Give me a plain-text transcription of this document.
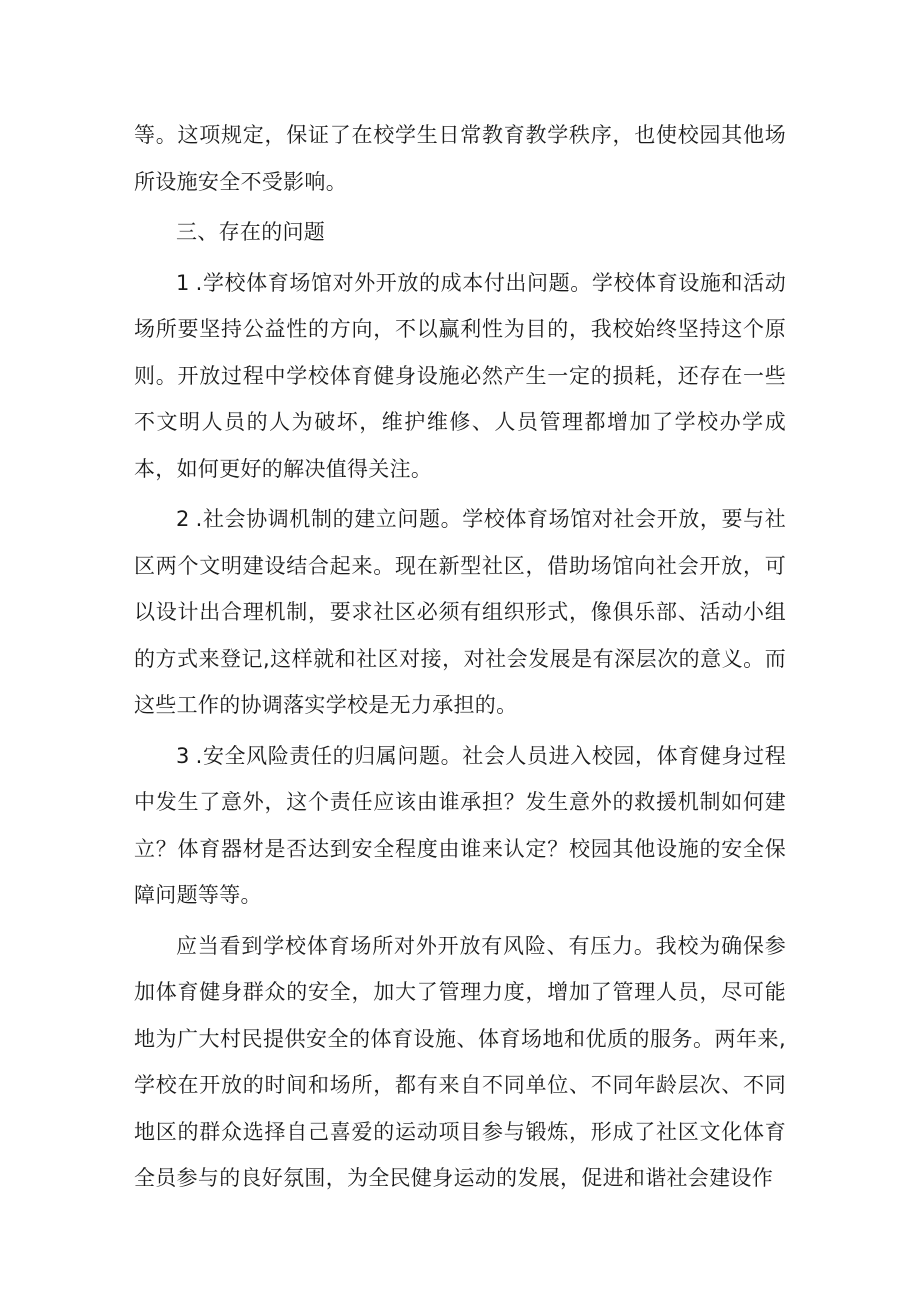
等。这项规定，保证了在校学生日常教育教学秩序，也使校园其他场所设施安全不受影响。

三、存在的问题

1 .学校体育场馆对外开放的成本付出问题。学校体育设施和活动场所要坚持公益性的方向，不以赢利性为目的，我校始终坚持这个原则。开放过程中学校体育健身设施必然产生一定的损耗，还存在一些不文明人员的人为破坏，维护维修、人员管理都增加了学校办学成本，如何更好的解决值得关注。

2 .社会协调机制的建立问题。学校体育场馆对社会开放，要与社区两个文明建设结合起来。现在新型社区，借助场馆向社会开放，可以设计出合理机制，要求社区必须有组织形式，像俱乐部、活动小组的方式来登记,这样就和社区对接，对社会发展是有深层次的意义。而这些工作的协调落实学校是无力承担的。

3 .安全风险责任的归属问题。社会人员进入校园，体育健身过程中发生了意外，这个责任应该由谁承担？发生意外的救援机制如何建立？体育器材是否达到安全程度由谁来认定？校园其他设施的安全保障问题等等。

应当看到学校体育场所对外开放有风险、有压力。我校为确保参加体育健身群众的安全，加大了管理力度，增加了管理人员，尽可能地为广大村民提供安全的体育设施、体育场地和优质的服务。两年来,学校在开放的时间和场所，都有来自不同单位、不同年龄层次、不同地区的群众选择自己喜爱的运动项目参与锻炼，形成了社区文化体育全员参与的良好氛围，为全民健身运动的发展，促进和谐社会建设作
